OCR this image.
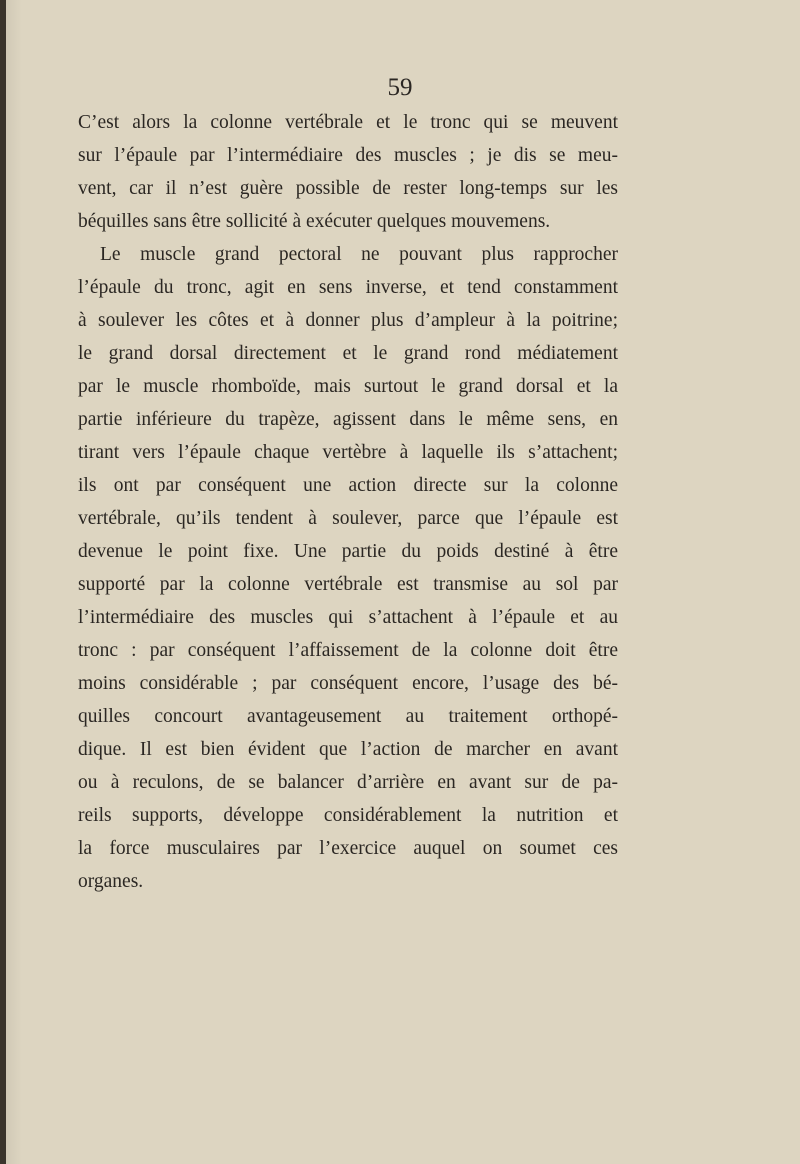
59
C’est alors la colonne vertébrale et le tronc qui se meuvent
sur l’épaule par l’intermédiaire des muscles ; je dis se meu-
vent, car il n’est guère possible de rester long-temps sur les
béquilles sans être sollicité à exécuter quelques mouvemens.
Le muscle grand pectoral ne pouvant plus rapprocher
l’épaule du tronc, agit en sens inverse, et tend constamment
à soulever les côtes et à donner plus d’ampleur à la poitrine;
le grand dorsal directement et le grand rond médiatement
par le muscle rhomboïde, mais surtout le grand dorsal et la
partie inférieure du trapèze, agissent dans le même sens, en
tirant vers l’épaule chaque vertèbre à laquelle ils s’attachent;
ils ont par conséquent une action directe sur la colonne
vertébrale, qu’ils tendent à soulever, parce que l’épaule est
devenue le point fixe. Une partie du poids destiné à être
supporté par la colonne vertébrale est transmise au sol par
l’intermédiaire des muscles qui s’attachent à l’épaule et au
tronc : par conséquent l’affaissement de la colonne doit être
moins considérable ; par conséquent encore, l’usage des bé-
quilles concourt avantageusement au traitement orthopé-
dique. Il est bien évident que l’action de marcher en avant
ou à reculons, de se balancer d’arrière en avant sur de pa-
reils supports, développe considérablement la nutrition et
la force musculaires par l’exercice auquel on soumet ces
organes.
